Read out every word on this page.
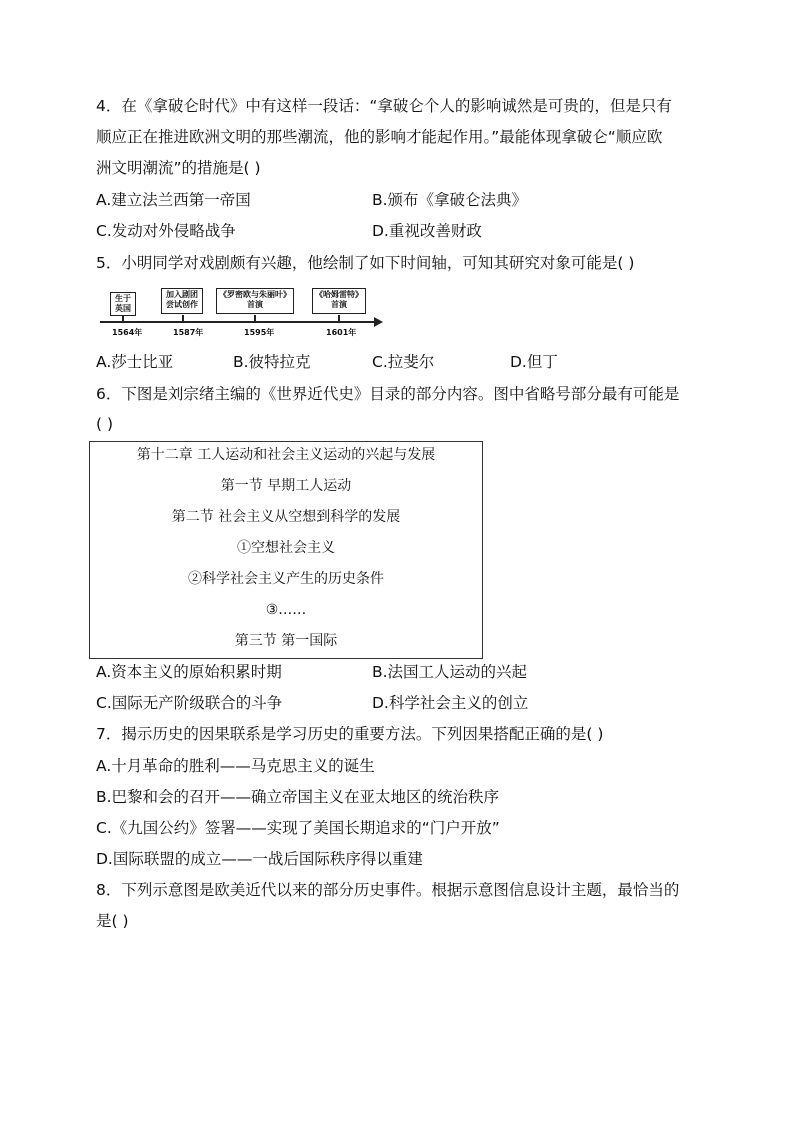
4．在《拿破仑时代》中有这样一段话：“拿破仑个人的影响诚然是可贵的，但是只有
顺应正在推进欧洲文明的那些潮流，他的影响才能起作用。”最能体现拿破仑“顺应欧
洲文明潮流”的措施是( )
A.建立法兰西第一帝国	B.颁布《拿破仑法典》
C.发动对外侵略战争	D.重视改善财政
5．小明同学对戏剧颇有兴趣，他绘制了如下时间轴，可知其研究对象可能是( )
生于英国
1564年
加入剧团尝试创作
1587年
《罗密欧与朱丽叶》首演
1595年
《哈姆雷特》首演
1601年
A.莎士比亚	B.彼特拉克	C.拉斐尔	D.但丁
6．下图是刘宗绪主编的《世界近代史》目录的部分内容。图中省略号部分最有可能是
( )
第十二章 工人运动和社会主义运动的兴起与发展
第一节 早期工人运动
第二节 社会主义从空想到科学的发展
①空想社会主义
②科学社会主义产生的历史条件
③……
第三节 第一国际
A.资本主义的原始积累时期	B.法国工人运动的兴起
C.国际无产阶级联合的斗争	D.科学社会主义的创立
7．揭示历史的因果联系是学习历史的重要方法。下列因果搭配正确的是( )
A.十月革命的胜利——马克思主义的诞生
B.巴黎和会的召开——确立帝国主义在亚太地区的统治秩序
C.《九国公约》签署——实现了美国长期追求的“门户开放”
D.国际联盟的成立——一战后国际秩序得以重建
8．下列示意图是欧美近代以来的部分历史事件。根据示意图信息设计主题，最恰当的
是( )
